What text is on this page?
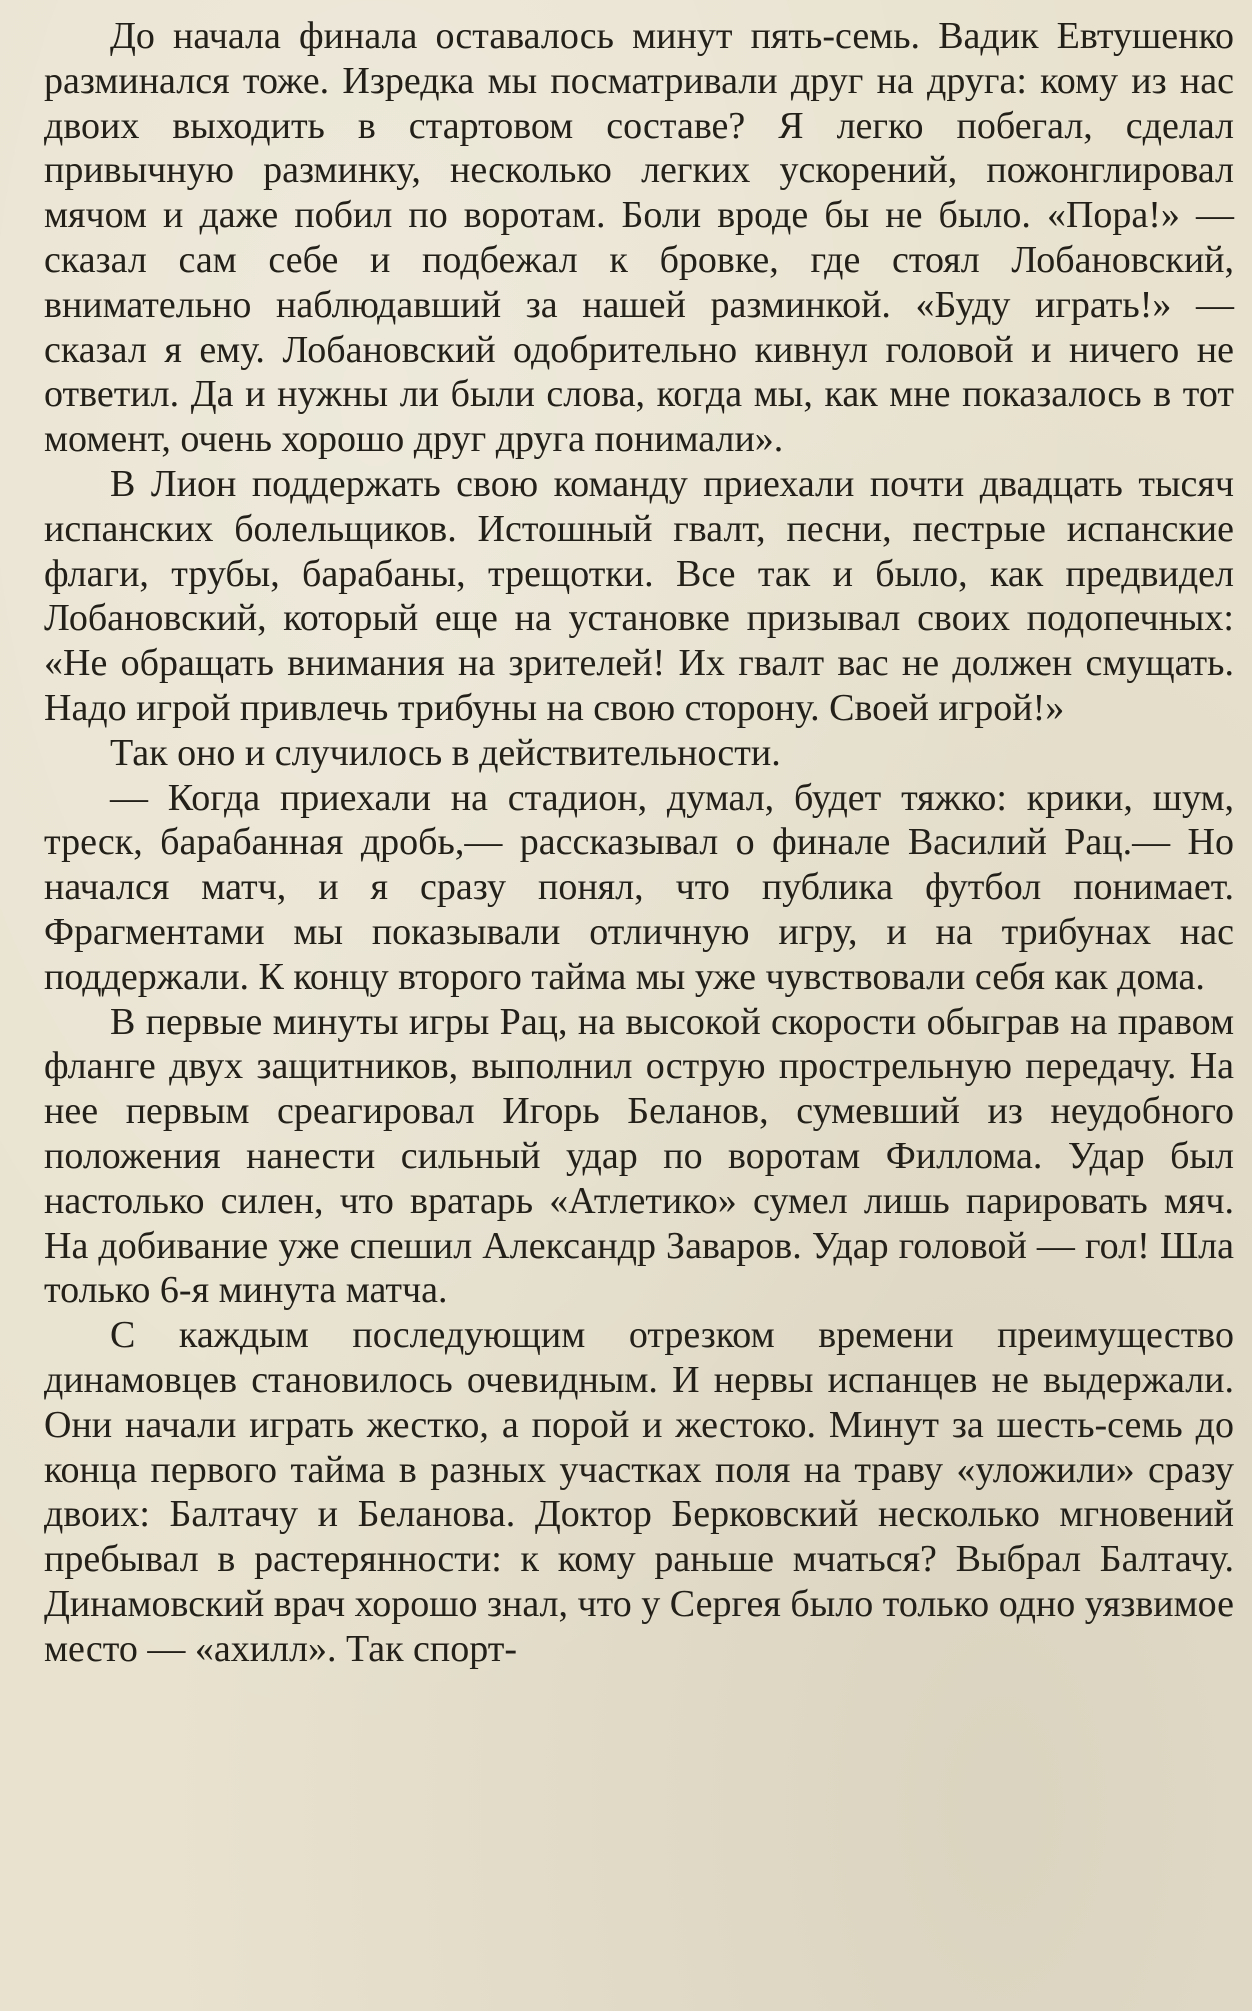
До начала финала оставалось минут пять-семь. Вадик Евтушенко разминался тоже. Изредка мы посматривали друг на друга: кому из нас двоих выходить в стартовом составе? Я легко побегал, сделал привычную разминку, несколько легких ускорений, пожонглировал мячом и даже побил по воротам. Боли вроде бы не было. «Пора!» — сказал сам себе и подбежал к бровке, где стоял Лобановский, внимательно наблюдавший за нашей разминкой. «Буду играть!» — сказал я ему. Лобановский одобрительно кивнул головой и ничего не ответил. Да и нужны ли были слова, когда мы, как мне показалось в тот момент, очень хорошо друг друга понимали».

В Лион поддержать свою команду приехали почти двадцать тысяч испанских болельщиков. Истошный гвалт, песни, пестрые испанские флаги, трубы, барабаны, трещотки. Все так и было, как предвидел Лобановский, который еще на установке призывал своих подопечных: «Не обращать внимания на зрителей! Их гвалт вас не должен смущать. Надо игрой привлечь трибуны на свою сторону. Своей игрой!»

Так оно и случилось в действительности.

— Когда приехали на стадион, думал, будет тяжко: крики, шум, треск, барабанная дробь,— рассказывал о финале Василий Рац.— Но начался матч, и я сразу понял, что публика футбол понимает. Фрагментами мы показывали отличную игру, и на трибунах нас поддержали. К концу второго тайма мы уже чувствовали себя как дома.

В первые минуты игры Рац, на высокой скорости обыграв на правом фланге двух защитников, выполнил острую прострельную передачу. На нее первым среагировал Игорь Беланов, сумевший из неудобного положения нанести сильный удар по воротам Филлома. Удар был настолько силен, что вратарь «Атлетико» сумел лишь парировать мяч. На добивание уже спешил Александр Заваров. Удар головой — гол! Шла только 6-я минута матча.

С каждым последующим отрезком времени преимущество динамовцев становилось очевидным. И нервы испанцев не выдержали. Они начали играть жестко, а порой и жестоко. Минут за шесть-семь до конца первого тайма в разных участках поля на траву «уложили» сразу двоих: Балтачу и Беланова. Доктор Берковский несколько мгновений пребывал в растерянности: к кому раньше мчаться? Выбрал Балтачу. Динамовский врач хорошо знал, что у Сергея было только одно уязвимое место — «ахилл». Так спорт-
